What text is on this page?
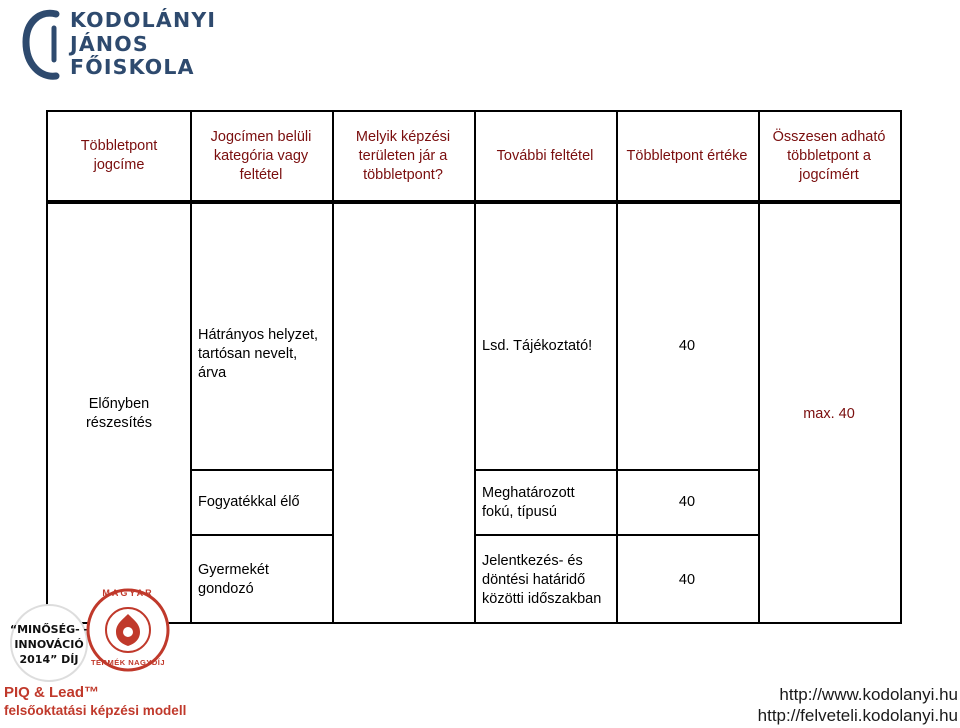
KODOLÁNYI
JÁNOS
FŐISKOLA
Többletpont jogcíme
Jogcímen belüli kategória vagy feltétel
Melyik képzési területen jár a többletpont?
További feltétel Többletpont értéke
Összesen adható többletpont a jogcímért
Előnyben részesítés
Hátrányos helyzet, tartósan nevelt, árva
Lsd. Tájékoztató!	40
Fogyatékkal élő
Meghatározott fokú, típusú
40
Gyermekét gondozó
Jelentkezés- és döntési határidő közötti időszakban
40
max. 40
“MINŐSÉG- -INNOVÁCIÓ 2014” DÍJ
MAGYAR
TERMÉK NAGYDÍJ
PIQ & Lead™
felsőoktatási képzési modell
http://www.kodolanyi.hu
http://felveteli.kodolanyi.hu
